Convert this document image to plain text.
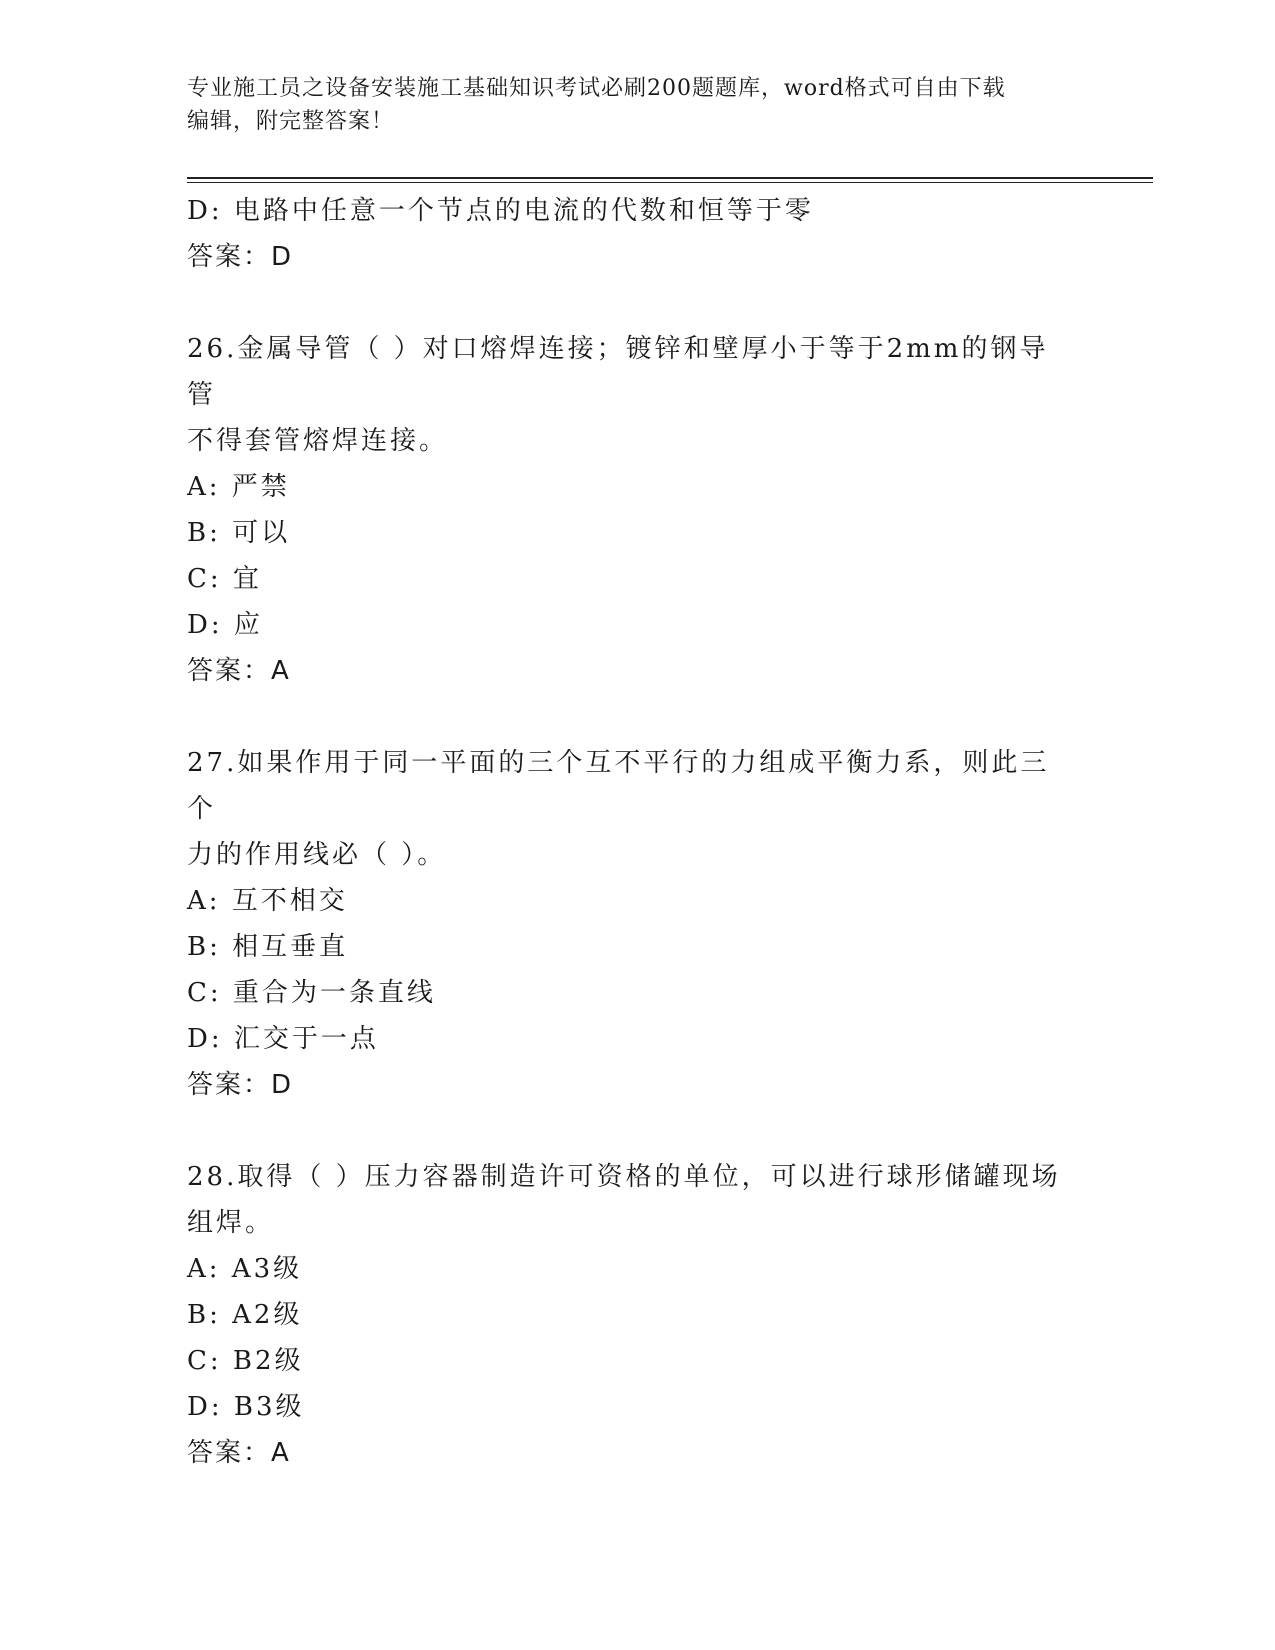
专业施工员之设备安装施工基础知识考试必刷200题题库，word格式可自由下载
编辑，附完整答案！
D: 电路中任意一个节点的电流的代数和恒等于零
答案：D
26.金属导管（ ）对口熔焊连接；镀锌和壁厚小于等于2mm的钢导管
不得套管熔焊连接。
A: 严禁
B: 可以
C: 宜
D: 应
答案：A
27.如果作用于同一平面的三个互不平行的力组成平衡力系，则此三个
力的作用线必（ ）。
A: 互不相交
B: 相互垂直
C: 重合为一条直线
D: 汇交于一点
答案：D
28.取得（ ）压力容器制造许可资格的单位，可以进行球形储罐现场
组焊。
A: A3级
B: A2级
C: B2级
D: B3级
答案：A
